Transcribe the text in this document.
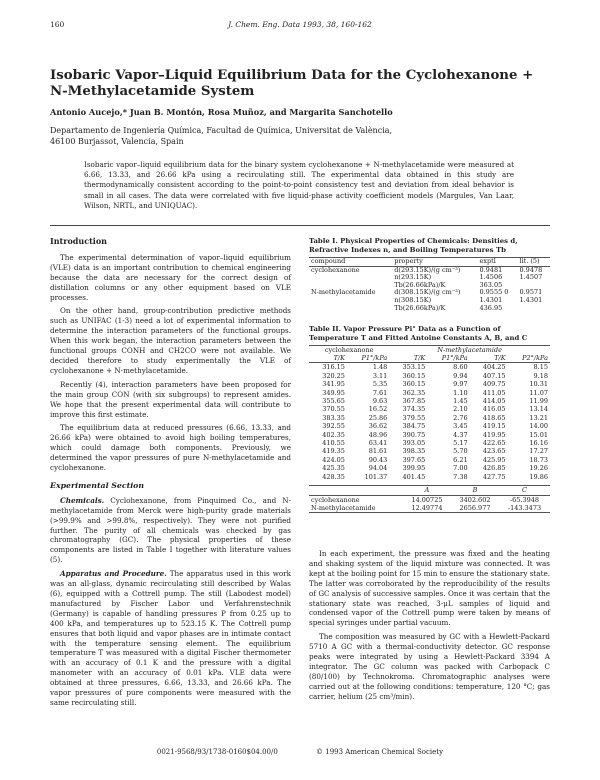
160	J. Chem. Eng. Data 1993, 38, 160-162
Isobaric Vapor–Liquid Equilibrium Data for the Cyclohexanone + N-Methylacetamide System
Antonio Aucejo,* Juan B. Montón, Rosa Muñoz, and Margarita Sanchotello
Departamento de Ingeniería Química, Facultad de Química, Universitat de València,
46100 Burjassot, Valencia, Spain
Isobaric vapor–liquid equilibrium data for the binary system cyclohexanone + N-methylacetamide were measured at 6.66, 13.33, and 26.66 kPa using a recirculating still. The experimental data obtained in this study are thermodynamically consistent according to the point-to-point consistency test and deviation from ideal behavior is small in all cases. The data were correlated with five liquid-phase activity coefficient models (Margules, Van Laar, Wilson, NRTL, and UNIQUAC).

Introduction

The experimental determination of vapor–liquid equilibrium (VLE) data is an important contribution to chemical engineering because the data are necessary for the correct design of distillation columns or any other equipment based on VLE processes.

On the other hand, group-contribution predictive methods such as UNIFAC (1-3) need a lot of experimental information to determine the interaction parameters of the functional groups. When this work began, the interaction parameters between the functional groups CONH and CH2CO were not available. We decided therefore to study experimentally the VLE of cyclohexanone + N-methylacetamide.

Recently (4), interaction parameters have been proposed for the main group CON (with six subgroups) to represent amides. We hope that the present experimental data will contribute to improve this first estimate.

The equilibrium data at reduced pressures (6.66, 13.33, and 26.66 kPa) were obtained to avoid high boiling temperatures, which could damage both components. Previously, we determined the vapor pressures of pure N-methylacetamide and cyclohexanone.

Experimental Section

Chemicals. Cyclohexanone, from Pinquimed Co., and N-methylacetamide from Merck were high-purity grade materials (>99.9% and >99.8%, respectively). They were not purified further. The purity of all chemicals was checked by gas chromatography (GC). The physical properties of these components are listed in Table I together with literature values (5).

Apparatus and Procedure. The apparatus used in this work was an all-glass, dynamic recirculating still described by Walas (6), equipped with a Cottrell pump. The still (Labodest model) manufactured by Fischer Labor und Verfahrenstechnik (Germany) is capable of handling pressures P from 0.25 up to 400 kPa, and temperatures up to 523.15 K. The Cottrell pump ensures that both liquid and vapor phases are in intimate contact with the temperature sensing element. The equilibrium temperature T was measured with a digital Fischer thermometer with an accuracy of 0.1 K and the pressure with a digital manometer with an accuracy of 0.01 kPa. VLE data were obtained at three pressures, 6.66, 13.33, and 26.66 kPa. The vapor pressures of pure components were measured with the same recirculating still.

Table I. Physical Properties of Chemicals: Densities d, Refractive Indexes n, and Boiling Temperatures Tb
compound	property	exptl	lit. (5)
cyclohexanone	d(293.15K)/(g cm⁻³)	0.9481	0.9478
	n(293.15K)	1.4506	1.4507
	Tb(26.66kPa)/K	363.05	
N-methylacetamide	d(308.15K)/(g cm⁻³)	0.9555 0	0.9571
	n(308.15K)	1.4301	1.4301
	Tb(26.66kPa)/K	436.95	
Table II. Vapor Pressure Pi° Data as a Function of Temperature T and Fitted Antoine Constants A, B, and C
cyclohexanone		N-methylacetamide			
T/K	P1°/kPa	T/K	P1°/kPa	T/K	P2°/kPa
316.15	1.48	353.15	8.60	404.25	8.15
320.25	3.11	360.15	9.94	407.15	9.18
341.95	5.35	360.15	9.97	409.75	10.31
349.95	7.61	362.35	1.10	411.05	11.07
355.65	9.63	367.85	1.45	414.05	11.99
370.55	16.52	374.35	2.10	416.05	13.14
383.35	25.86	379.55	2.76	418.65	13.21
392.55	36.62	384.75	3.45	419.15	14.00
402.35	48.96	390.75	4.37	419.95	15.01
410.55	63.41	393.05	5.17	422.65	16.16
419.35	81.61	398.35	5.70	423.65	17.27
424.05	90.43	397.65	6.21	425.95	18.73
425.35	94.04	399.95	7.00	426.85	19.26
428.35	101.37	401.45	7.38	427.75	19.86
	A	B	C
cyclohexanone	14.00725	3402.602	-65.3948
N-methylacetamide	12.49774	2656.977	-143.3473

In each experiment, the pressure was fixed and the heating and shaking system of the liquid mixture was connected. It was kept at the boiling point for 15 min to ensure the stationary state. The latter was corroborated by the reproducibility of the results of GC analysis of successive samples. Once it was certain that the stationary state was reached, 3-μL samples of liquid and condensed vapor of the Cottrell pump were taken by means of special syringes under partial vacuum.

The composition was measured by GC with a Hewlett-Packard 5710 A GC with a thermal-conductivity detector. GC response peaks were integrated by using a Hewlett-Packard 3394 A integrator. The GC column was packed with Carbopack C (80/100) by Technokroma. Chromatographic analyses were carried out at the following conditions: temperature, 120 °C; gas carrier, helium (25 cm³/min).

0021-9568/93/1738-0160$04.00/0	© 1993 American Chemical Society
